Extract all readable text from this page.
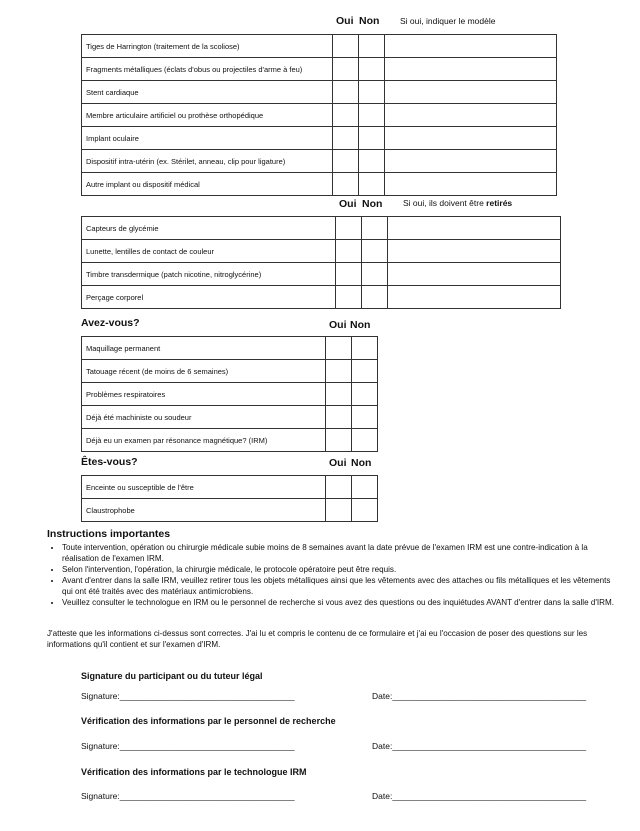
Oui Non Si oui, indiquer le modèle
Tiges de Harrington (traitement de la scoliose)			
Fragments métalliques (éclats d'obus ou projectiles d'arme à feu)			
Stent cardiaque			
Membre articulaire artificiel ou prothèse orthopédique			
Implant oculaire			
Dispositif intra-utérin (ex. Stérilet, anneau, clip pour ligature)			
Autre implant ou dispositif médical			
Oui Non Si oui, ils doivent être retirés
Capteurs de glycémie			
Lunette, lentilles de contact de couleur			
Timbre transdermique (patch nicotine, nitroglycérine)			
Perçage corporel			
Avez-vous?	Oui Non
Maquillage permanent			
Tatouage récent (de moins de 6 semaines)			
Problèmes respiratoires			
Déjà été machiniste ou soudeur			
Déjà eu un examen par résonance magnétique? (IRM)			
Êtes-vous?	Oui Non
Enceinte ou susceptible de l'être			
Claustrophobe			
Instructions importantes
• Toute intervention, opération ou chirurgie médicale subie moins de 8 semaines avant la date prévue de l'examen IRM est une contre-indication à la réalisation de l'examen IRM.
• Selon l'intervention, l'opération, la chirurgie médicale, le protocole opératoire peut être requis.
• Avant d'entrer dans la salle IRM, veuillez retirer tous les objets métalliques ainsi que les vêtements avec des attaches ou fils métalliques et les vêtements qui ont été traités avec des matériaux antimicrobiens.
• Veuillez consulter le technologue en IRM ou le personnel de recherche si vous avez des questions ou des inquiétudes AVANT d'entrer dans la salle d'IRM.
J'atteste que les informations ci-dessus sont correctes. J'ai lu et compris le contenu de ce formulaire et j'ai eu l'occasion de poser des questions sur les informations qu'il contient et sur l'examen d'IRM.
Signature du participant ou du tuteur légal
Signature:_____________________________________	Date:_________________________________________
Vérification des informations par le personnel de recherche
Signature:_____________________________________	Date:_________________________________________
Vérification des informations par le technologue IRM
Signature:_____________________________________	Date:_________________________________________
